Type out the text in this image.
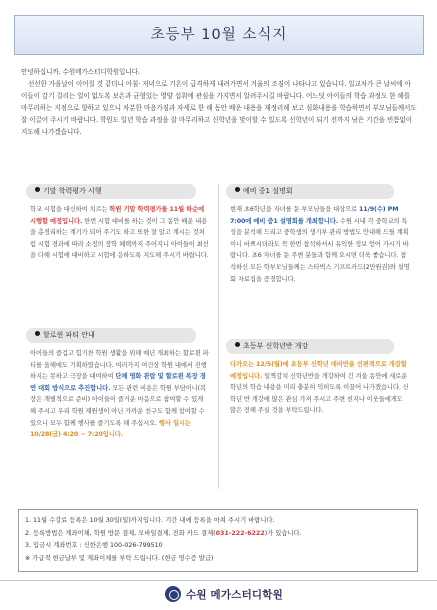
초등부 10월 소식지

안녕하십니까. 수원메가스터디학원입니다.

선선한 가을날이 이어질 것 같더니 아침· 저녁으로 기온이 급격하게 내려가면서 겨울의 조짐이 나타나고 있습니다. 일교차가 큰 날씨에 아이들이 감기 걸리는 일이 없도록 보온과 균형있는 영양 섭취에 관심을 가지면서 알려주시길 바랍니다. 어느덧 아이들의 학습 과정도 한 해를 마무리하는 지점으로 향하고 있으니 차분한 마음가짐과 자세로 한 해 동안 배운 내용을 재정리해 보고 심화내용을 학습하면서 부모님들께서도 잘 이끌어 주시기 바랍니다. 학원도 일년 학습 과정을 잘 마무리하고 신학년을 맞이할 수 있도록 신학년이 되기 전까지 남은 기간을 빈틈없이 지도해 나가겠습니다.

기말 학력평가 시행
학교 시험을 대신하여 치르는 학원 기말 학력평가를 11월 하순에 시행할 예정입니다. 한번 시험 대비를 하는 것이 그 동안 배운 내용을 총정리하는 계기가 되어 주기도 하고 또한 잘 알고 계시는 것처럼 시험 경과에 따라 소정의 장학 혜택까지 주어지니 아이들이 최선을 다해 시험에 대비하고 시험에 응하도록 지도해 주시기 바랍니다.
할로윈 파티 안내
아이들의 즐겁고 힘기찬 학원 생활을 위해 매년 개최하는 할로윈 파티를 올해에도 기획하였습니다. 여러가지 여건상 학원 내에서 진행하지는 못하고 극장을 대여하여 단체 영화 관람 및 할로윈 복장 경연 대회 방식으로 추진합니다. 모든 관련 비용은 학원 부담이니(복장은 개별적으로 준비) 아이들이 즐거운 마음으로 참여할 수 있게 해 주시고 우리 학원 재원생이 아닌 가까운 친구도 함께 참여할 수 있으니 모두 함께 행사를 즐기도록 해 주십시오. 행사 일시는 10/28(금) 4:20 ~ 7:20입니다.
예비 중1 설명회
현재 초6학년을 자녀를 둔 부모님들을 대상으로 11/9(수) PM 7:00에 예비 중1 설명회를 개최합니다. 수원 시내 각 중학교의 특성을 분석해 드리고 중학생의 생기부 관리 방법도 안내해 드릴 계획이니 바쁘시더라도 꼭 한번 참석하셔서 유익한 정보 얻어 가시기 바랍니다. 초6 자녀를 둔 주변 분들과 함께 오시면 더욱 좋습니다. 참석하신 모든 학부모님들께는 스타벅스 기프트카드(2만원권)와 설명회 자료집을 증정합니다.
초등부 신학년반 개강
다가오는 12/5(월)에 초등부 신학년 대비반을 선편적으로 개강할 예정입니다. 일찍감치 신학년반을 개강하여 긴 겨울 동안에 새로운 학년의 학습 내용을 미리 충분히 익히도록 이끌어 나가겠습니다. 신학년 반 개강에 많은 관심 가져 주시고 주변 친지나 이웃들에게도 많은 전해 주실 것을 부탁드립니다.
1. 11월 수강료 등록은 10월 30일(일)까지입니다. 기간 내에 등록을 마쳐 주시기 바랍니다.
2. 등록방법은 계좌이체, 학원 방문 결제, 모바일결제, 전화 카드 결제(031-222-6222)가 있습니다.
3. 입금시 계좌번호 : 신한은행 100-026-799510
※ 가급적 현금납부 및 계좌이체를 부탁 드립니다. (현금 영수증 발급)
수원 메가스터디학원
